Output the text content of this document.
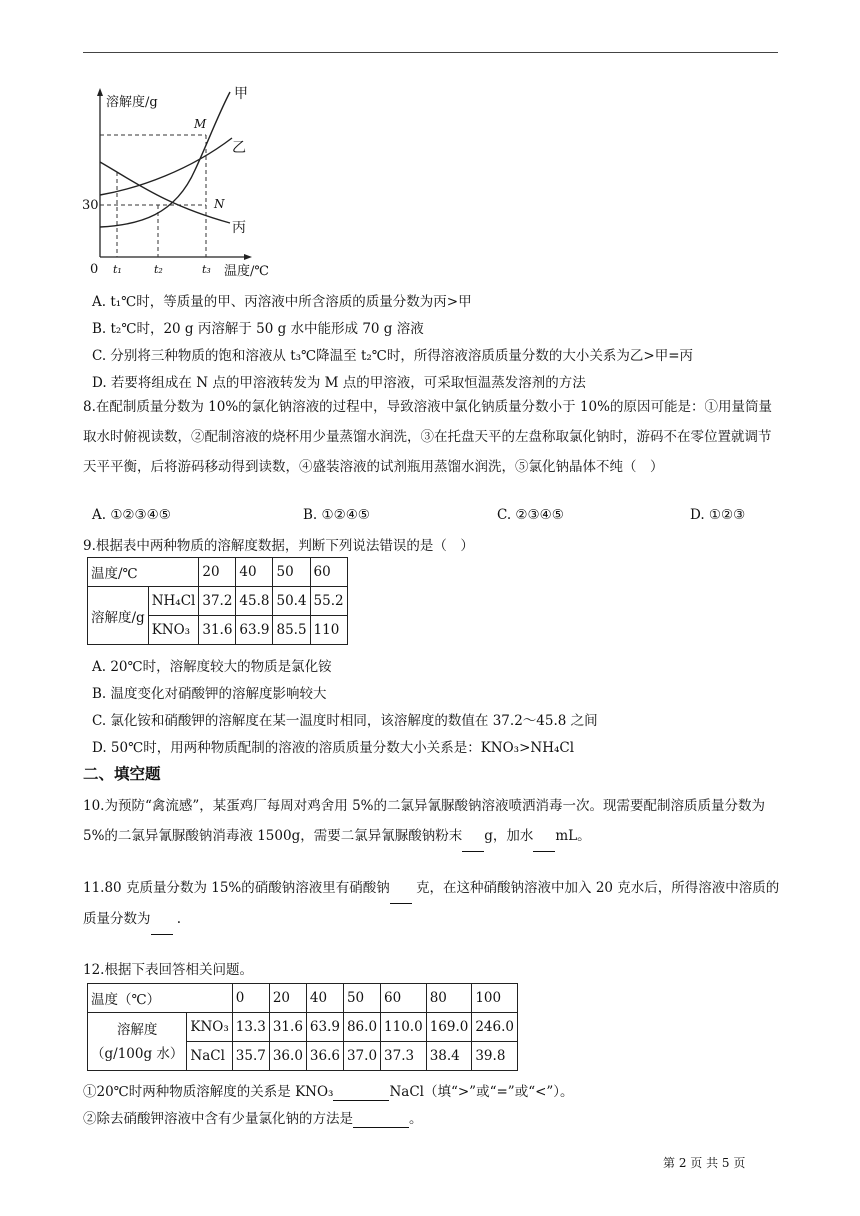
溶解度/g
甲
乙
丙
M
N
30
0 t₁	t₂	t₃ 温度/℃
A. t₁℃时，等质量的甲、丙溶液中所含溶质的质量分数为丙>甲
B. t₂℃时，20 g 丙溶解于 50 g 水中能形成 70 g 溶液
C. 分别将三种物质的饱和溶液从 t₃℃降温至 t₂℃时，所得溶液溶质质量分数的大小关系为乙>甲=丙
D. 若要将组成在 N 点的甲溶液转发为 M 点的甲溶液，可采取恒温蒸发溶剂的方法
8.在配制质量分数为 10%的氯化钠溶液的过程中，导致溶液中氯化钠质量分数小于 10%的原因可能是：①用量筒量取水时俯视读数，②配制溶液的烧杯用少量蒸馏水润洗，③在托盘天平的左盘称取氯化钠时，游码不在零位置就调节天平平衡，后将游码移动得到读数，④盛装溶液的试剂瓶用蒸馏水润洗，⑤氯化钠晶体不纯（　）
A. ①②③④⑤	B. ①②④⑤	C. ②③④⑤	D. ①②③
9.根据表中两种物质的溶解度数据，判断下列说法错误的是（　）
温度/℃		20	40	50	60
溶解度/g	NH₄Cl	37.2	45.8	50.4	55.2
	KNO₃	31.6	63.9	85.5	110
A. 20℃时，溶解度较大的物质是氯化铵
B. 温度变化对硝酸钾的溶解度影响较大
C. 氯化铵和硝酸钾的溶解度在某一温度时相同，该溶解度的数值在 37.2～45.8 之间
D. 50℃时，用两种物质配制的溶液的溶质质量分数大小关系是：KNO₃>NH₄Cl
二、填空题
10.为预防“禽流感”，某蛋鸡厂每周对鸡舍用 5%的二氯异氰脲酸钠溶液喷洒消毒一次。现需要配制溶质质量分数为 5%的二氯异氰脲酸钠消毒液 1500g，需要二氯异氰脲酸钠粉末 g，加水 mL。
11.80 克质量分数为 15%的硝酸钠溶液里有硝酸钠  克，在这种硝酸钠溶液中加入 20 克水后，所得溶液中溶质的质量分数为  .
12.根据下表回答相关问题。
温度（℃）		0	20	40	50	60	80	100
溶解度
（g/100g 水）	KNO₃	13.3	31.6	63.9	86.0	110.0	169.0	246.0
	NaCl	35.7	36.0	36.6	37.0	37.3	38.4	39.8
①20℃时两种物质溶解度的关系是 KNO₃	NaCl（填“>”或“=”或“<”）。
②除去硝酸钾溶液中含有少量氯化钠的方法是	。
第 2 页 共 5 页
